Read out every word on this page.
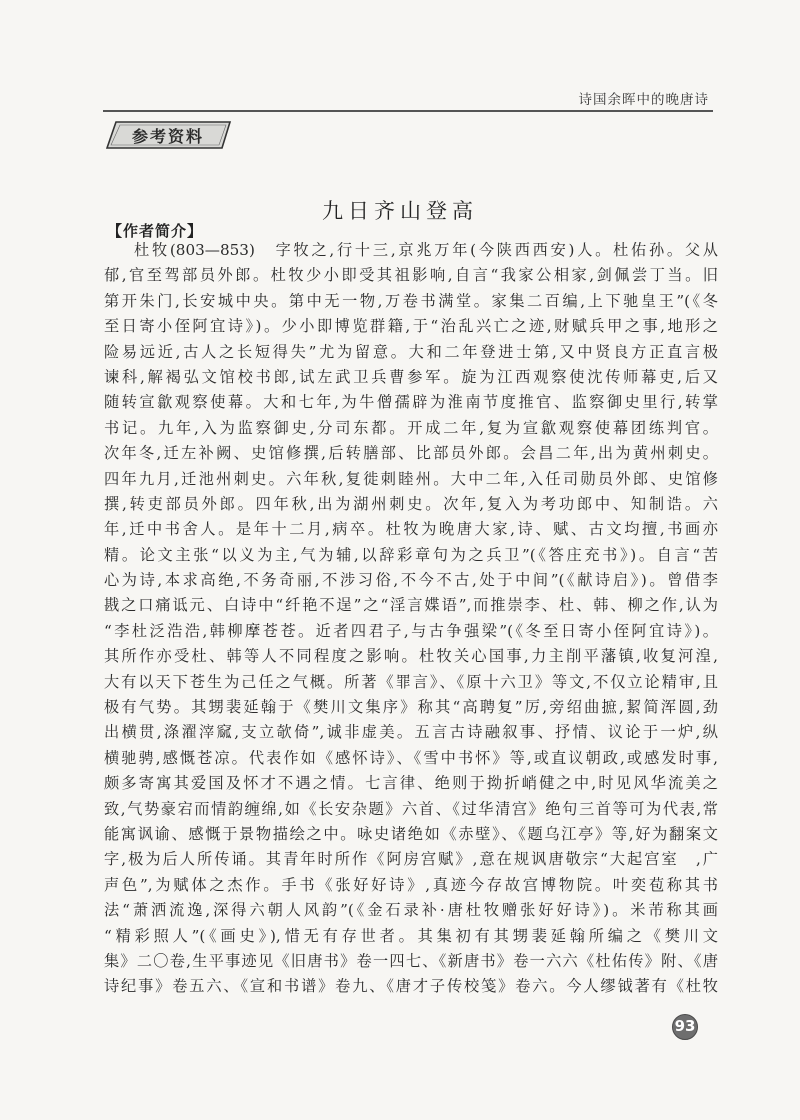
诗国余晖中的晚唐诗
参考资料
九日齐山登高
【作者简介】
杜牧(803—853)　字牧之,行十三,京兆万年(今陕西西安)人。杜佑孙。父从
郁,官至驾部员外郎。杜牧少小即受其祖影响,自言“我家公相家,剑佩尝丁当。旧
第开朱门,长安城中央。第中无一物,万卷书满堂。家集二百编,上下驰皇王”(《冬
至日寄小侄阿宜诗》)。少小即博览群籍,于“治乱兴亡之迹,财赋兵甲之事,地形之
险易远近,古人之长短得失”尤为留意。大和二年登进士第,又中贤良方正直言极
谏科,解褐弘文馆校书郎,试左武卫兵曹参军。旋为江西观察使沈传师幕吏,后又
随转宣歙观察使幕。大和七年,为牛僧孺辟为淮南节度推官、监察御史里行,转掌
书记。九年,入为监察御史,分司东都。开成二年,复为宣歙观察使幕团练判官。
次年冬,迁左补阙、史馆修撰,后转膳部、比部员外郎。会昌二年,出为黄州刺史。
四年九月,迁池州刺史。六年秋,复徙刺睦州。大中二年,入任司勋员外郎、史馆修
撰,转吏部员外郎。四年秋,出为湖州刺史。次年,复入为考功郎中、知制诰。六
年,迁中书舍人。是年十二月,病卒。杜牧为晚唐大家,诗、赋、古文均擅,书画亦
精。论文主张“以义为主,气为辅,以辞彩章句为之兵卫”(《答庄充书》)。自言“苦
心为诗,本求高绝,不务奇丽,不涉习俗,不今不古,处于中间”(《献诗启》)。曾借李
戡之口痛诋元、白诗中“纤艳不逞”之“淫言媟语”,而推崇李、杜、韩、柳之作,认为
“李杜泛浩浩,韩柳摩苍苍。近者四君子,与古争强梁”(《冬至日寄小侄阿宜诗》)。
其所作亦受杜、韩等人不同程度之影响。杜牧关心国事,力主削平藩镇,收复河湟,
大有以天下苍生为己任之气概。所著《罪言》、《原十六卫》等文,不仅立论精审,且
极有气势。其甥裴延翰于《樊川文集序》称其“高聘复”厉,旁绍曲摭,絜简浑圆,劲
出横贯,涤濯滓窳,支立欹倚”,诚非虚美。五言古诗融叙事、抒情、议论于一炉,纵
横驰骋,感慨苍凉。代表作如《感怀诗》、《雪中书怀》等,或直议朝政,或感发时事,
颇多寄寓其爱国及怀才不遇之情。七言律、绝则于拗折峭健之中,时见风华流美之
致,气势豪宕而情韵缠绵,如《长安杂题》六首、《过华清宫》绝句三首等可为代表,常
能寓讽谕、感慨于景物描绘之中。咏史诸绝如《赤壁》、《题乌江亭》等,好为翻案文
字,极为后人所传诵。其青年时所作《阿房宫赋》,意在规讽唐敬宗“大起宫室　,广
声色”,为赋体之杰作。手书《张好好诗》,真迹今存故宫博物院。叶奕苞称其书
法“萧洒流逸,深得六朝人风韵”(《金石录补·唐杜牧赠张好好诗》)。米芾称其画
“精彩照人”(《画史》),惜无有存世者。其集初有其甥裴延翰所编之《樊川文
集》二〇卷,生平事迹见《旧唐书》卷一四七、《新唐书》卷一六六《杜佑传》附、《唐
诗纪事》卷五六、《宣和书谱》卷九、《唐才子传校笺》卷六。今人缪钺著有《杜牧
93
